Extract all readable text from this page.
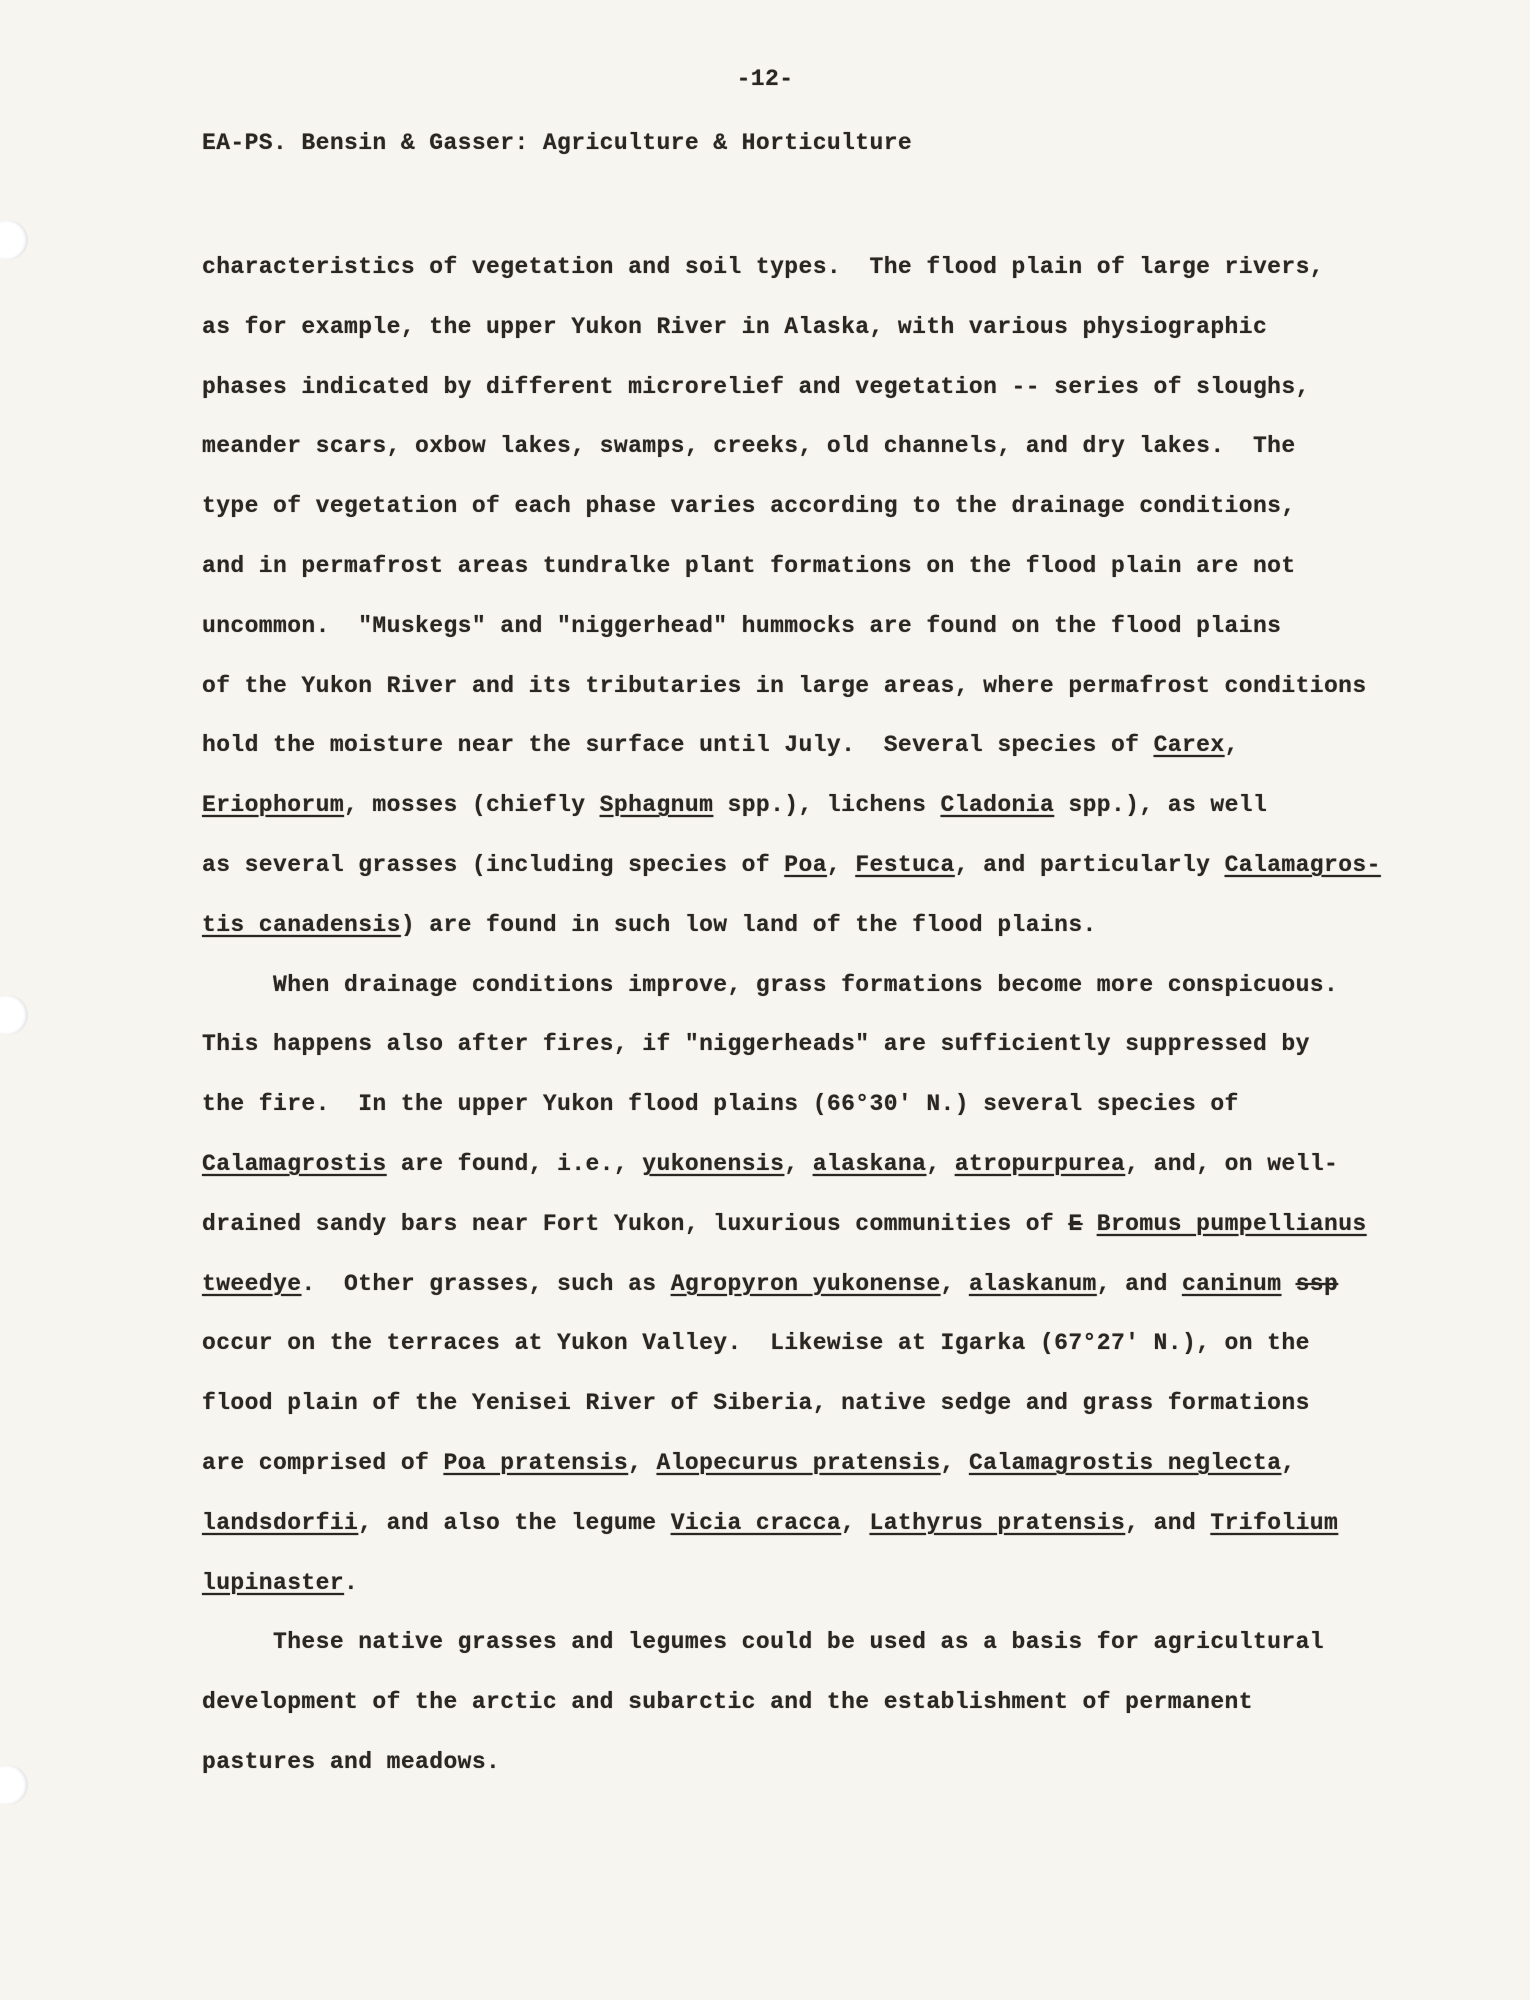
-12-
EA-PS. Bensin & Gasser: Agriculture & Horticulture
characteristics of vegetation and soil types.  The flood plain of large rivers,
as for example, the upper Yukon River in Alaska, with various physiographic
phases indicated by different microrelief and vegetation -- series of sloughs,
meander scars, oxbow lakes, swamps, creeks, old channels, and dry lakes.  The
type of vegetation of each phase varies according to the drainage conditions,
and in permafrost areas tundralke plant formations on the flood plain are not
uncommon.  "Muskegs" and "niggerhead" hummocks are found on the flood plains
of the Yukon River and its tributaries in large areas, where permafrost conditions
hold the moisture near the surface until July.  Several species of Carex,
Eriophorum, mosses (chiefly Sphagnum spp.), lichens Cladonia spp.), as well
as several grasses (including species of Poa, Festuca, and particularly Calamagros-
tis canadensis) are found in such low land of the flood plains.
When drainage conditions improve, grass formations become more conspicuous.
This happens also after fires, if "niggerheads" are sufficiently suppressed by
the fire.  In the upper Yukon flood plains (66°30' N.) several species of
Calamagrostis are found, i.e., yukonensis, alaskana, atropurpurea, and, on well-
drained sandy bars near Fort Yukon, luxurious communities of E Bromus pumpellianus
tweedye.  Other grasses, such as Agropyron yukonense, alaskanum, and caninum ssp
occur on the terraces at Yukon Valley.  Likewise at Igarka (67°27' N.), on the
flood plain of the Yenisei River of Siberia, native sedge and grass formations
are comprised of Poa pratensis, Alopecurus pratensis, Calamagrostis neglecta,
landsdorfii, and also the legume Vicia cracca, Lathyrus pratensis, and Trifolium
lupinaster.
These native grasses and legumes could be used as a basis for agricultural
development of the arctic and subarctic and the establishment of permanent
pastures and meadows.
